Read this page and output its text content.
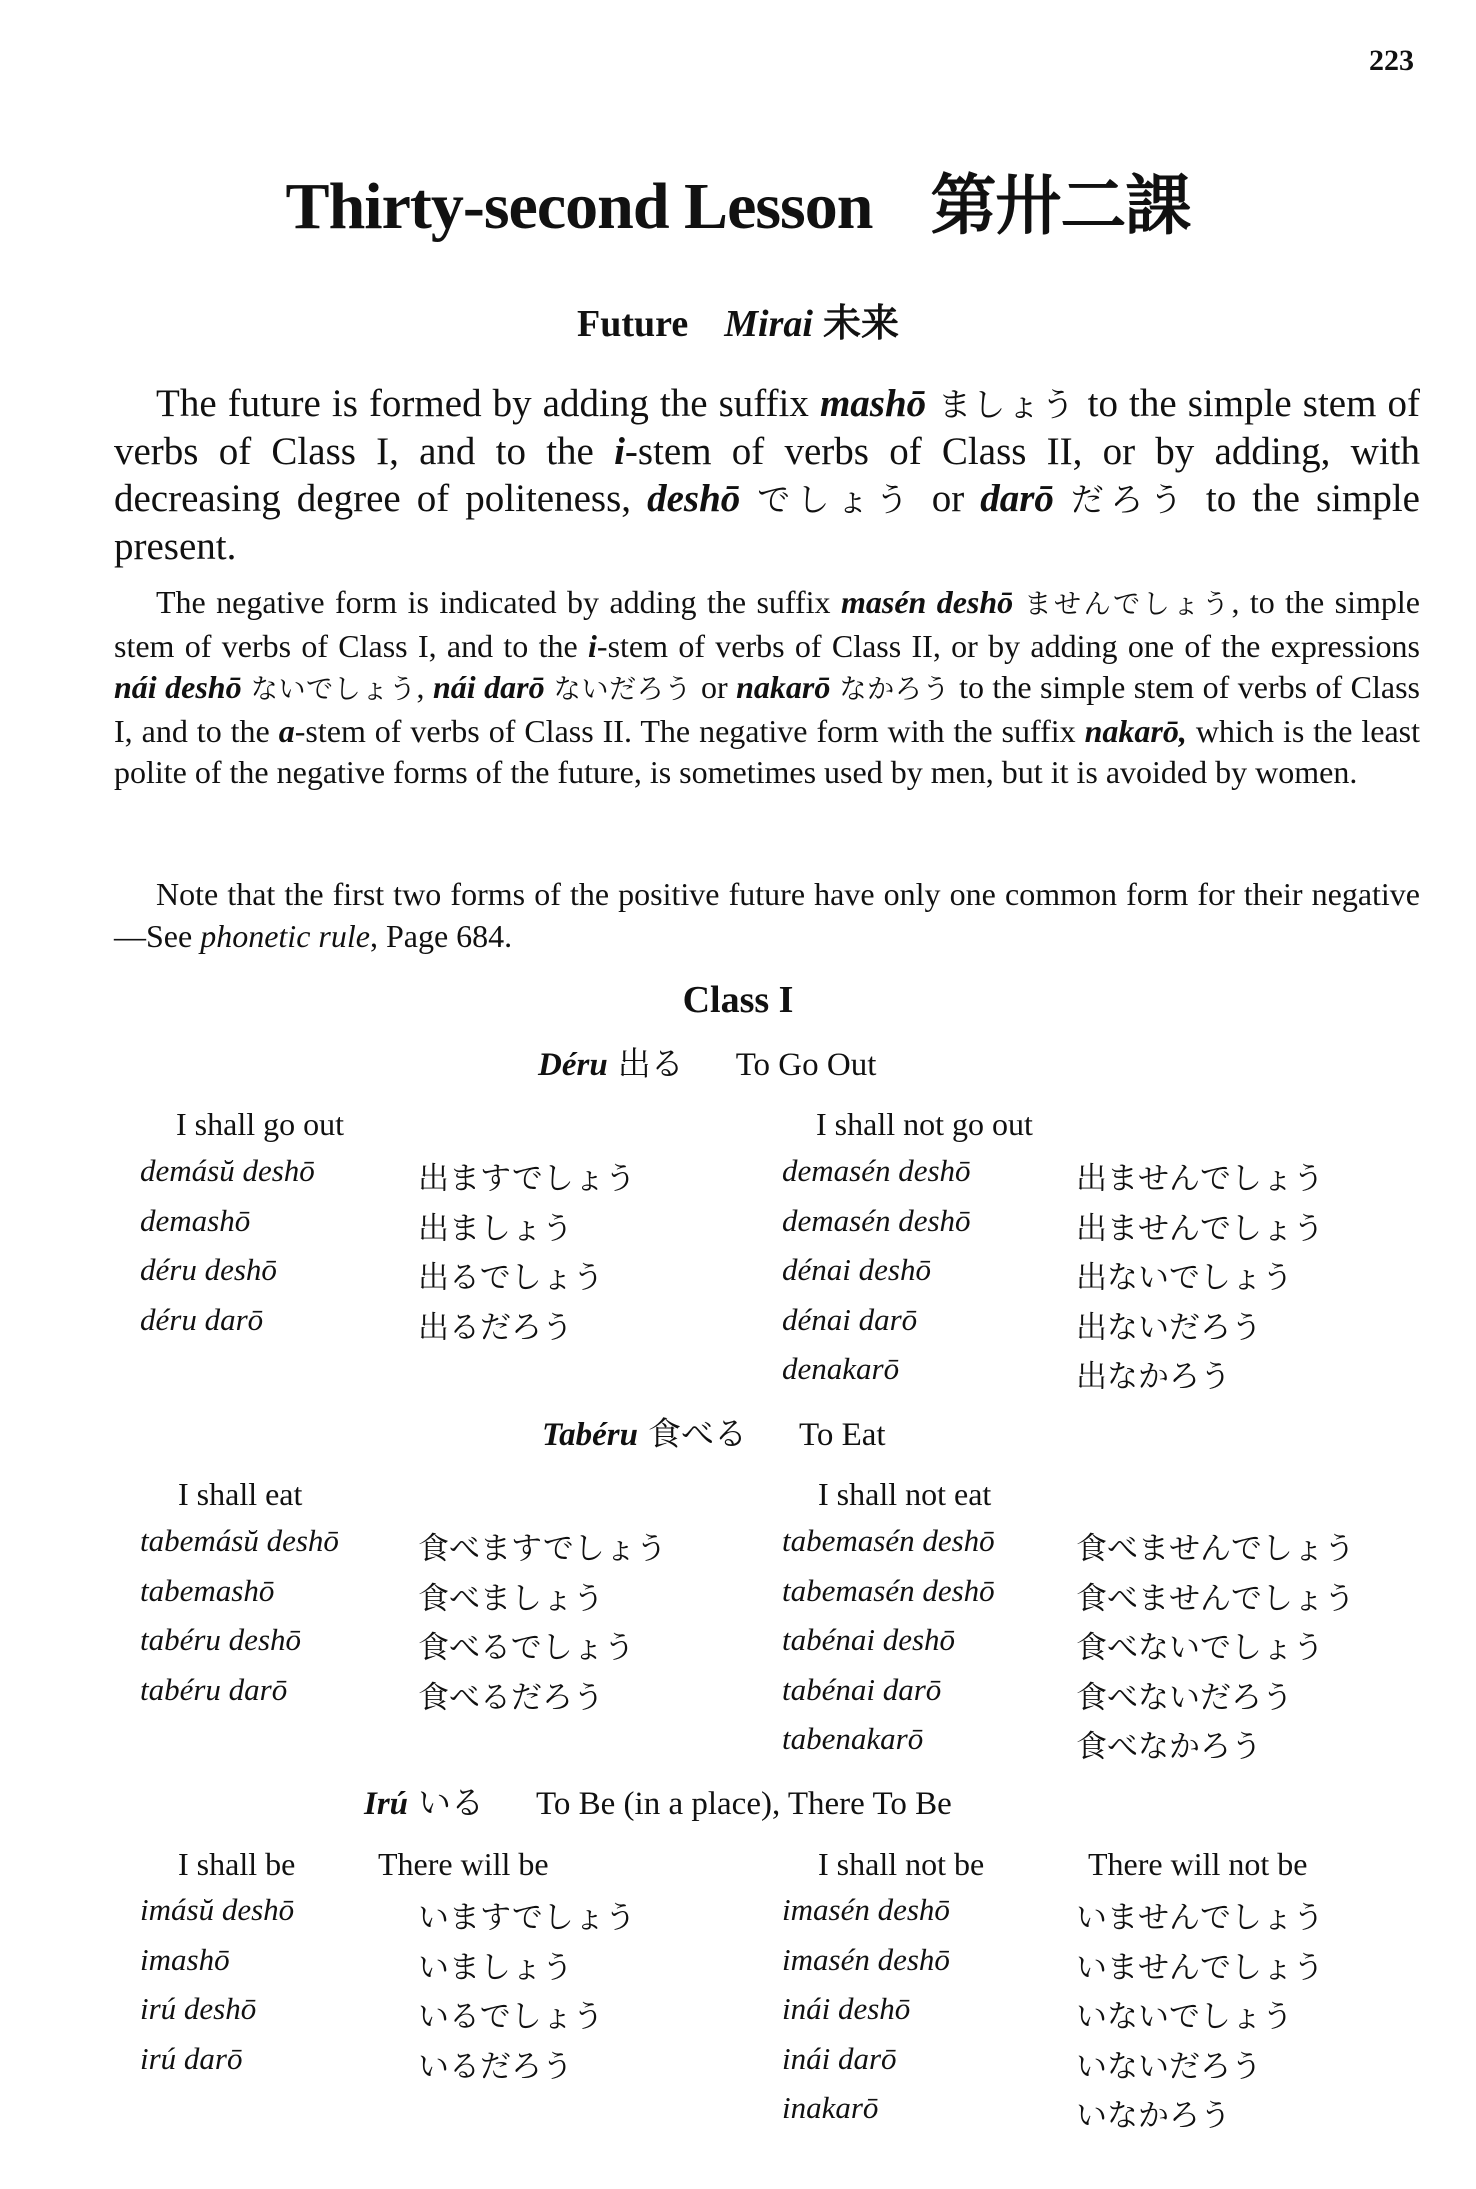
223
Thirty-second Lesson 第卅二課
Future Mirai 未来

The future is formed by adding the suffix mashō ましょう to the simple stem of verbs of Class I, and to the i-stem of verbs of Class II, or by adding, with decreasing degree of politeness, deshō でしょう or darō だろう to the simple present.

The negative form is indicated by adding the suffix masén deshō ませんでしょう, to the simple stem of verbs of Class I, and to the i-stem of verbs of Class II, or by adding one of the expressions nái deshō ないでしょう, nái darō ないだろう or nakarō なかろう to the simple stem of verbs of Class I, and to the a-stem of verbs of Class II. The negative form with the suffix nakarō, which is the least polite of the negative forms of the future, is sometimes used by men, but it is avoided by women.

Note that the first two forms of the positive future have only one common form for their negative—See phonetic rule, Page 684.

Class I
Déru 出る To Go Out
I shall go out	I shall not go out
demásŭ deshō	出ますでしょう
demashō	出ましょう
déru deshō	出るでしょう
déru darō	出るだろう
demasén deshō	出ませんでしょう
demasén deshō	出ませんでしょう
dénai deshō	出ないでしょう
dénai darō	出ないだろう
denakarō	出なかろう
Tabéru 食べる To Eat
I shall eat	I shall not eat
tabemásŭ deshō	食べますでしょう
tabemashō	食べましょう
tabéru deshō	食べるでしょう
tabéru darō	食べるだろう
tabemasén deshō	食べませんでしょう
tabemasén deshō	食べませんでしょう
tabénai deshō	食べないでしょう
tabénai darō	食べないだろう
tabenakarō	食べなかろう
Irú いる To Be (in a place), There To Be
I shall be	There will be	I shall not be	There will not be
imásŭ deshō	いますでしょう
imashō	いましょう
irú deshō	いるでしょう
irú darō	いるだろう
imasén deshō	いませんでしょう
imasén deshō	いませんでしょう
inái deshō	いないでしょう
inái darō	いないだろう
inakarō	いなかろう
